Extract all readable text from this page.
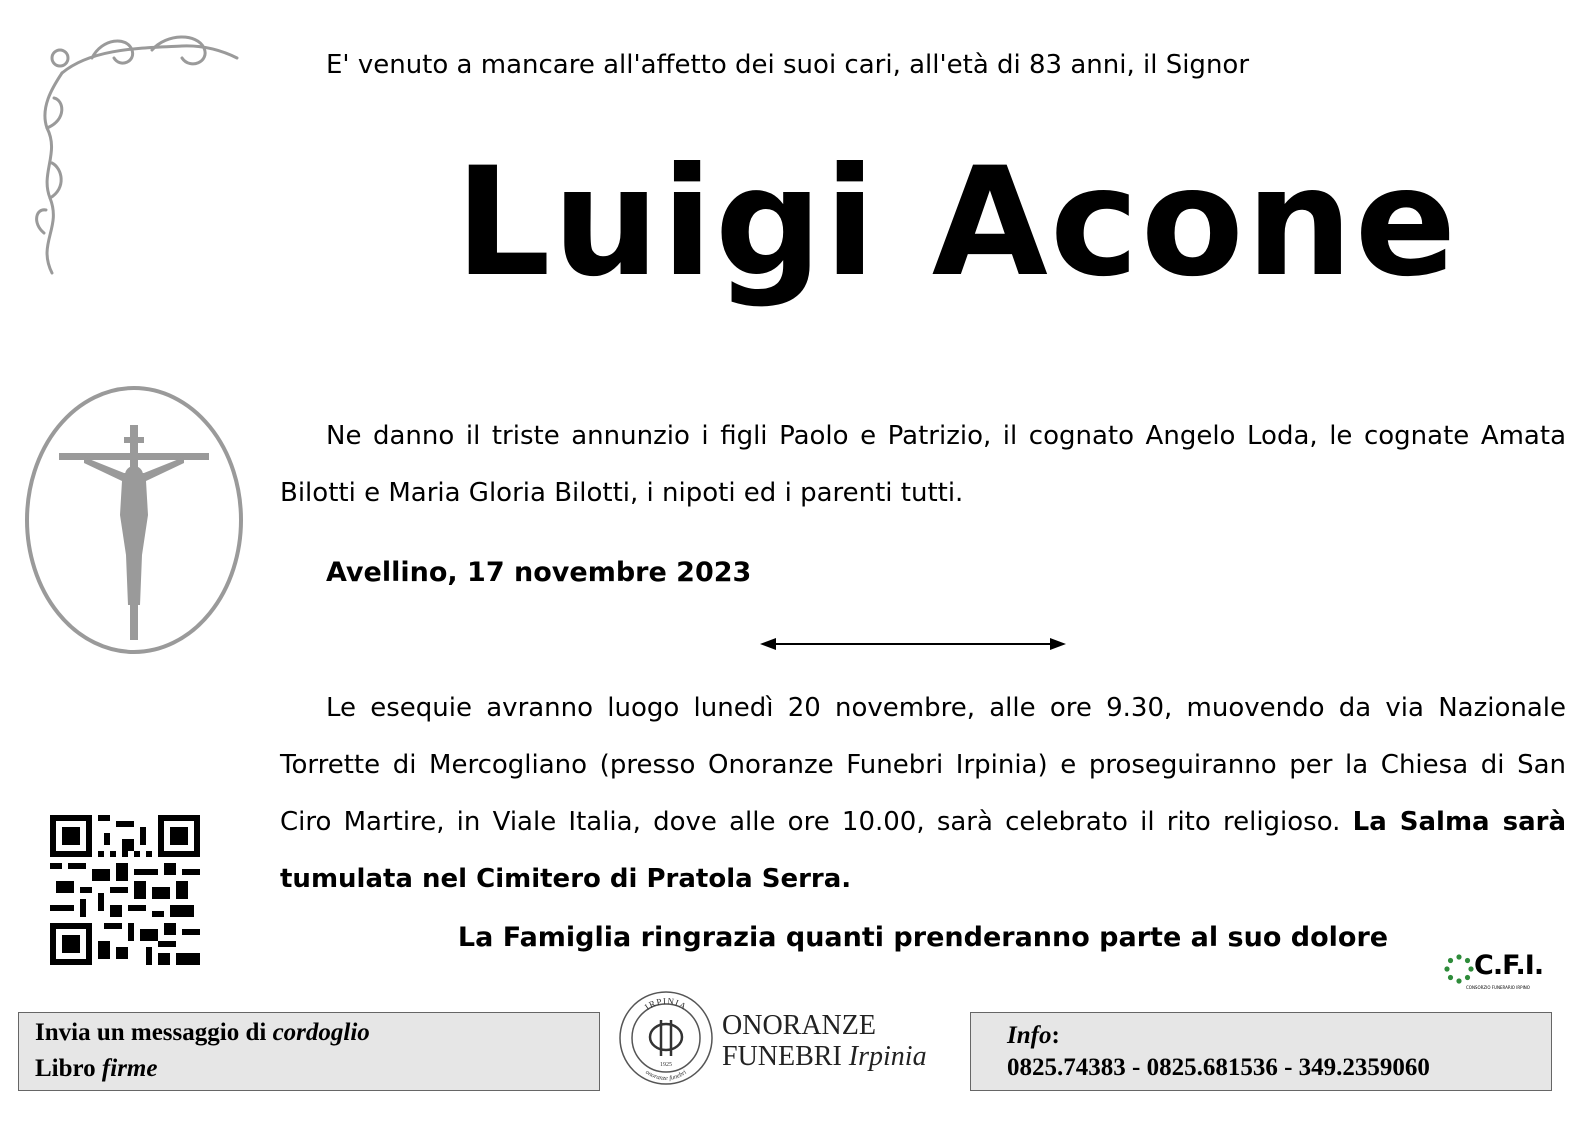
E' venuto a mancare all'affetto dei suoi cari, all'età di 83 anni, il Signor
Luigi Acone
Ne danno il triste annunzio i figli Paolo e Patrizio, il cognato Angelo Loda, le cognate Amata Bilotti e Maria Gloria Bilotti, i nipoti ed i parenti tutti.
Avellino, 17 novembre 2023
Le esequie avranno luogo lunedì 20 novembre, alle ore 9.30, muovendo da via Nazionale Torrette di Mercogliano (presso Onoranze Funebri Irpinia) e proseguiranno per la Chiesa di San Ciro Martire, in Viale Italia, dove alle ore 10.00, sarà celebrato il rito religioso. La Salma sarà tumulata nel Cimitero di Pratola Serra.
La Famiglia ringrazia quanti prenderanno parte al suo dolore
C.F.I.
CONSORZIO FUNERARIO IRPINO
Invia un messaggio di cordoglio
Libro firme
IRPINIA
onoranze funebri
1925
ONORANZE
FUNEBRI Irpinia
Info:
0825.74383 - 0825.681536 - 349.2359060
